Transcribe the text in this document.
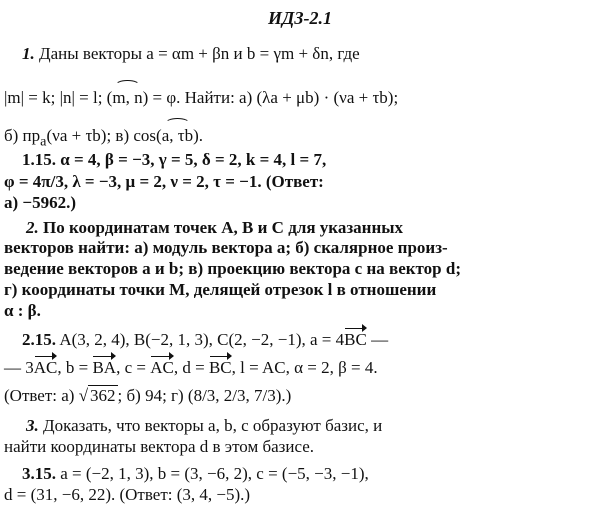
ИДЗ-2.1
1. Даны векторы a = αm + βn и b = γm + δn, где
|m| = k; |n| = l; (m, n) = φ. Найти: а) (λa + μb) · (νa + τb);
б) $пр_a(\nu a + \tau b)$; в) cos(a, τb).
1.15. α = 4, β = −3, γ = 5, δ = 2, k = 4, l = 7,
φ = 4π/3, λ = −3, μ = 2, ν = 2, τ = −1. (Ответ:
а) −5962.)
2. По координатам точек A, B и C для указанных
векторов найти: а) модуль вектора a; б) скалярное произ-
ведение векторов a и b; в) проекцию вектора c на вектор d;
г) координаты точки M, делящей отрезок l в отношении
α : β.
2.15. A(3, 2, 4), B(−2, 1, 3), C(2, −2, −1), a = 4BC —
— 3AC, b = BA, c = AC, d = BC, l = AC, α = 2, β = 4.
(Ответ: а) √ 362 ; б) 94; г) (8/3, 2/3, 7/3).)
3. Доказать, что векторы a, b, c образуют базис, и
найти координаты вектора d в этом базисе.
3.15. a = (−2, 1, 3), b = (3, −6, 2), c = (−5, −3, −1),
d = (31, −6, 22). (Ответ: (3, 4, −5).)
